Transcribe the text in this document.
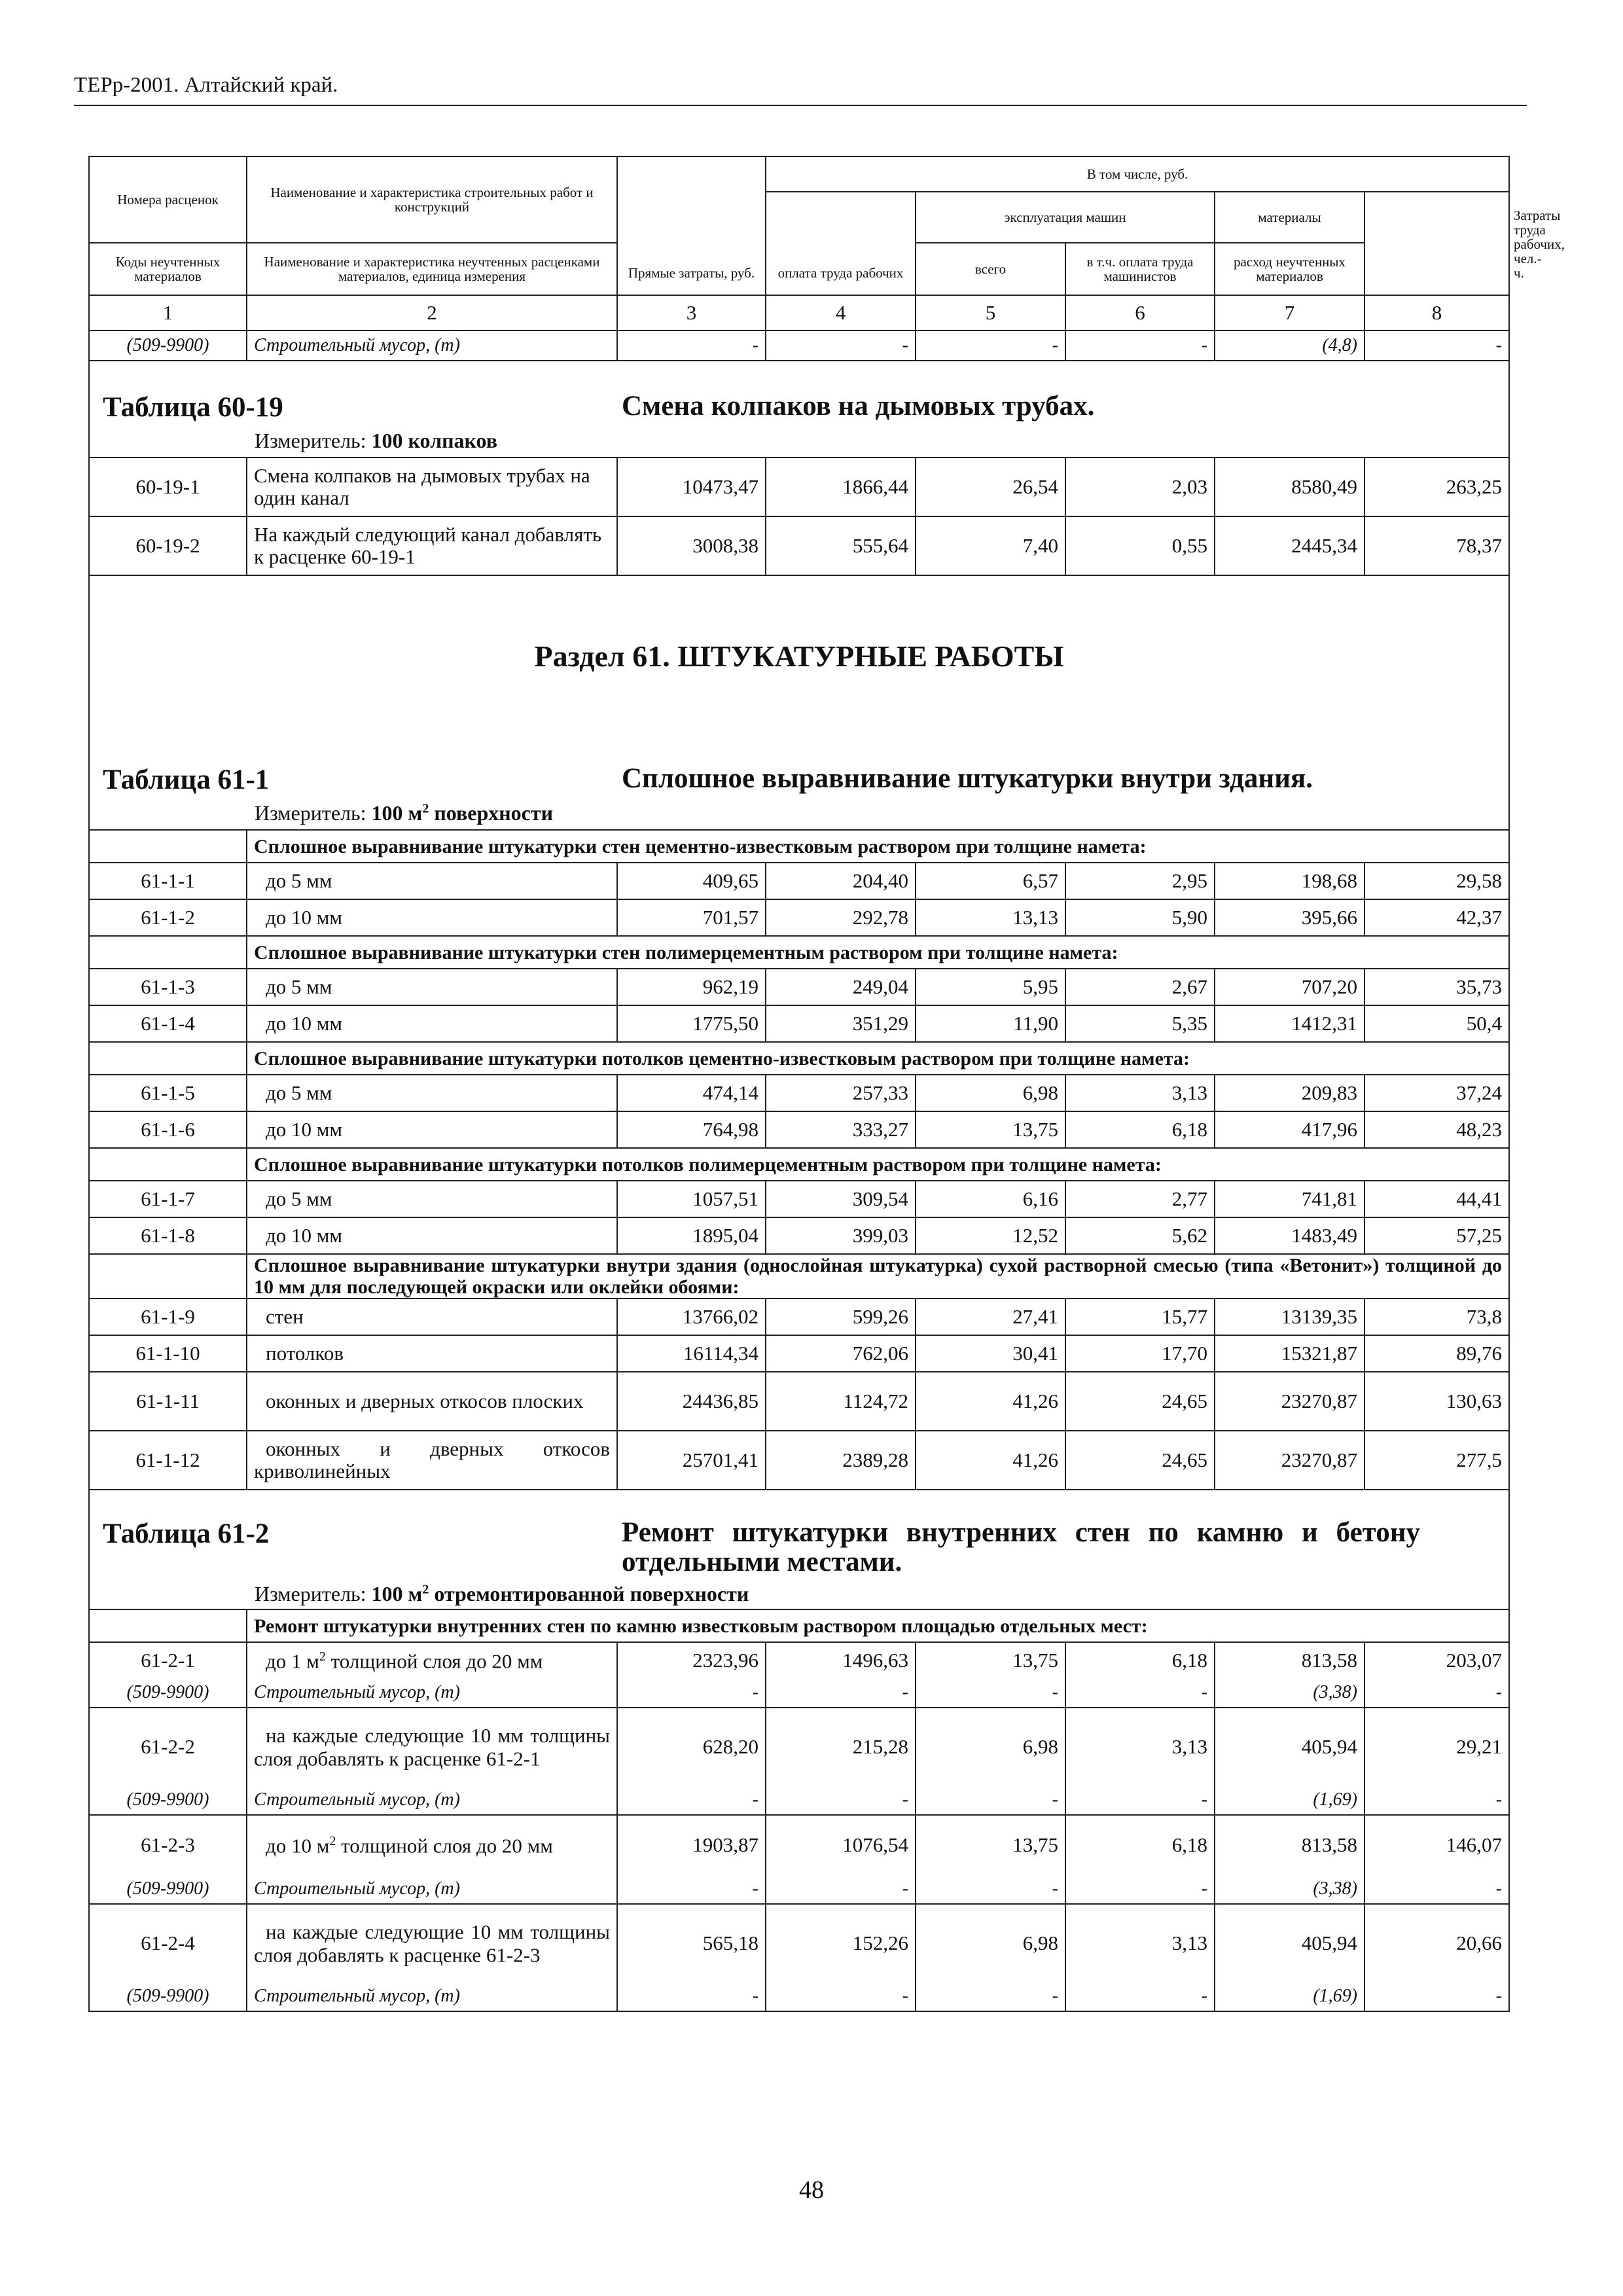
ТЕРр-2001. Алтайский край.
Номера расценок	Наименование и характеристика строительных работ и конструкций	Прямые затраты, руб.	В том числе, руб.					Затраты труда рабочих, чел.-ч.
			оплата труда рабочих	эксплуатация машин		материалы		

Коды неучтенных материалов	Наименование и характеристика неучтенных расценками материалов, единица измерения			всего	в т.ч. оплата труда машинистов	расход неучтенных материалов		

1	2	3	4	5	6	7	8	
(509-9900)	Строительный мусор, (т)	-	-	-	-	(4,8)	-	

Таблица 60-19 Смена колпаков на дымовых трубах.
Измеритель: 100 колпаков								

60-19-1	Смена колпаков на дымовых трубах на один канал	10473,47	1866,44	26,54	2,03	8580,49	263,25	
60-19-2	На каждый следующий канал добавлять к расценке 60-19-1	3008,38	555,64	7,40	0,55	2445,34	78,37	

Раздел 61. ШТУКАТУРНЫЕ РАБОТЫ
Таблица 61-1 Сплошное выравнивание штукатурки внутри здания.
Измеритель: 100 $м^2$ поверхности								

	Сплошное выравнивание штукатурки стен цементно-известковым раствором при толщине намета:							
61-1-1	до 5 мм	409,65	204,40	6,57	2,95	198,68	29,58	
61-1-2	до 10 мм	701,57	292,78	13,13	5,90	395,66	42,37	
	Сплошное выравнивание штукатурки стен полимерцементным раствором при толщине намета:							
61-1-3	до 5 мм	962,19	249,04	5,95	2,67	707,20	35,73	
61-1-4	до 10 мм	1775,50	351,29	11,90	5,35	1412,31	50,4	
	Сплошное выравнивание штукатурки потолков цементно-известковым раствором при толщине намета:							
61-1-5	до 5 мм	474,14	257,33	6,98	3,13	209,83	37,24	
61-1-6	до 10 мм	764,98	333,27	13,75	6,18	417,96	48,23	
	Сплошное выравнивание штукатурки потолков полимерцементным раствором при толщине намета:							
61-1-7	до 5 мм	1057,51	309,54	6,16	2,77	741,81	44,41	
61-1-8	до 10 мм	1895,04	399,03	12,52	5,62	1483,49	57,25	
	Сплошное выравнивание штукатурки внутри здания (однослойная штукатурка) сухой растворной смесью (типа «Ветонит») толщиной до 10 мм для последующей окраски или оклейки обоями:							
61-1-9	стен	13766,02	599,26	27,41	15,77	13139,35	73,8	
61-1-10	потолков	16114,34	762,06	30,41	17,70	15321,87	89,76	
61-1-11	оконных и дверных откосов плоских	24436,85	1124,72	41,26	24,65	23270,87	130,63	
61-1-12	оконных и дверных откосов криволинейных	25701,41	2389,28	41,26	24,65	23270,87	277,5	

Таблица 61-2 Ремонт штукатурки внутренних стен по камню и бетону отдельными местами.
Измеритель: 100 $м^2$ отремонтированной поверхности								

	Ремонт штукатурки внутренних стен по камню известковым раствором площадью отдельных мест:							
61-2-1	до 1 $м^2$ толщиной слоя до 20 мм	2323,96	1496,63	13,75	6,18	813,58	203,07	
(509-9900)	Строительный мусор, (т)	-	-	-	-	(3,38)	-	
61-2-2	на каждые следующие 10 мм толщины слоя добавлять к расценке 61-2-1	628,20	215,28	6,98	3,13	405,94	29,21	
(509-9900)	Строительный мусор, (т)	-	-	-	-	(1,69)	-	
61-2-3	до 10 $м^2$ толщиной слоя до 20 мм	1903,87	1076,54	13,75	6,18	813,58	146,07	
(509-9900)	Строительный мусор, (т)	-	-	-	-	(3,38)	-	
61-2-4	на каждые следующие 10 мм толщины слоя добавлять к расценке 61-2-3	565,18	152,26	6,98	3,13	405,94	20,66	
(509-9900)	Строительный мусор, (т)	-	-	-	-	(1,69)	-	
48
